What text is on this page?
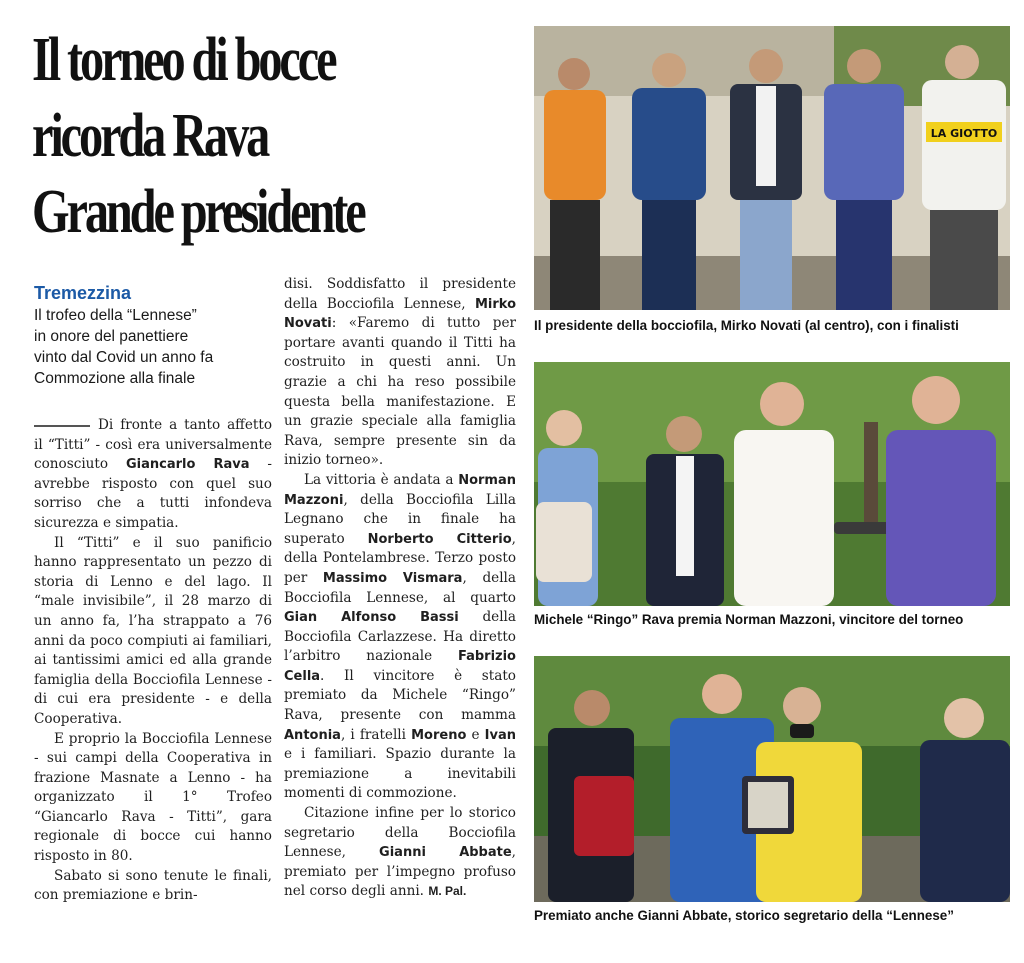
Il torneo di bocce
ricorda Rava
Grande presidente
Tremezzina
Il trofeo della “Lennese”
in onore del panettiere
vinto dal Covid un anno fa
Commozione alla finale

Di fronte a tanto affetto il “Titti” - così era universalmente conosciuto Giancarlo Rava - avrebbe risposto con quel suo sorriso che a tutti infondeva sicurezza e simpatia.

Il “Titti” e il suo panificio hanno rappresentato un pezzo di storia di Lenno e del lago. Il “male invisibile”, il 28 marzo di un anno fa, l’ha strappato a 76 anni da poco compiuti ai familiari, ai tantissimi amici ed alla grande famiglia della Bocciofila Lennese - di cui era presidente - e della Cooperativa.

E proprio la Bocciofila Lennese - sui campi della Cooperativa in frazione Masnate a Lenno - ha organizzato il 1° Trofeo “Giancarlo Rava - Titti”, gara regionale di bocce cui hanno risposto in 80.

Sabato si sono tenute le finali, con premiazione e brin-

disi. Soddisfatto il presidente della Bocciofila Lennese, Mirko Novati: «Faremo di tutto per portare avanti quando il Titti ha costruito in questi anni. Un grazie a chi ha reso possibile questa bella manifestazione. E un grazie speciale alla famiglia Rava, sempre presente sin da inizio torneo».

La vittoria è andata a Norman Mazzoni, della Bocciofila Lilla Legnano che in finale ha superato Norberto Citterio, della Pontelambrese. Terzo posto per Massimo Vismara, della Bocciofila Lennese, al quarto Gian Alfonso Bassi della Bocciofila Carlazzese. Ha diretto l’arbitro nazionale Fabrizio Cella. Il vincitore è stato premiato da Michele “Ringo” Rava, presente con mamma Antonia, i fratelli Moreno e Ivan e i familiari. Spazio durante la premiazione a inevitabili momenti di commozione.

Citazione infine per lo storico segretario della Bocciofila Lennese, Gianni Abbate, premiato per l’impegno profuso nel corso degli anni. M. Pal.

LA GIOTTO
Il presidente della bocciofila, Mirko Novati (al centro), con i finalisti
Michele “Ringo” Rava premia Norman Mazzoni, vincitore del torneo
Premiato anche Gianni Abbate, storico segretario della “Lennese”
